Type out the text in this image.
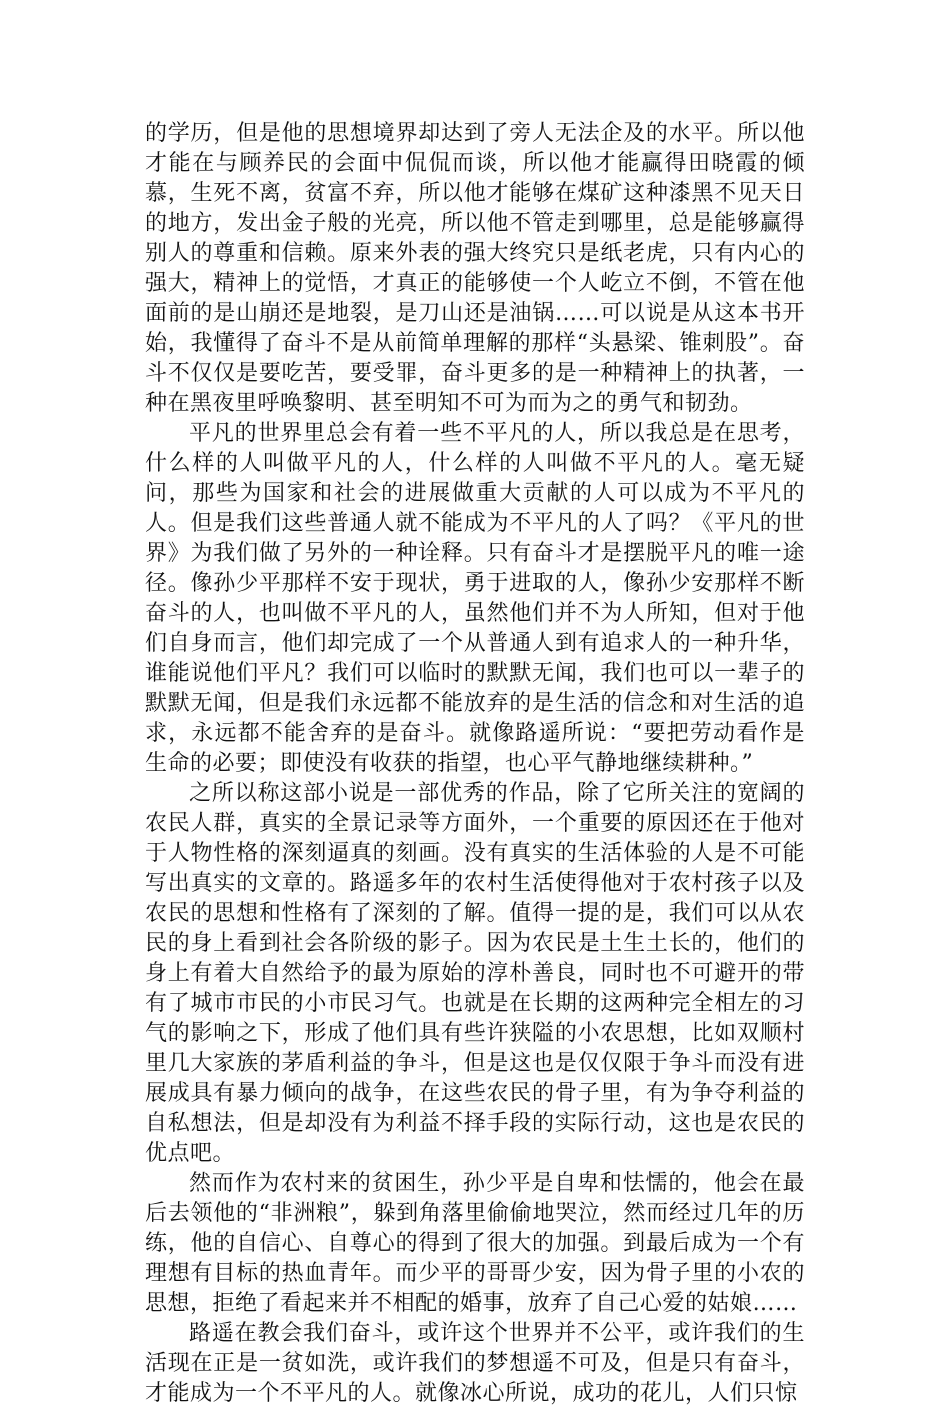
的学历，但是他的思想境界却达到了旁人无法企及的水平。所以他才能在与顾养民的会面中侃侃而谈，所以他才能赢得田晓霞的倾慕，生死不离，贫富不弃，所以他才能够在煤矿这种漆黑不见天日的地方，发出金子般的光亮，所以他不管走到哪里，总是能够赢得别人的尊重和信赖。原来外表的强大终究只是纸老虎，只有内心的强大，精神上的觉悟，才真正的能够使一个人屹立不倒，不管在他面前的是山崩还是地裂，是刀山还是油锅……可以说是从这本书开始，我懂得了奋斗不是从前简单理解的那样“头悬梁、锥刺股”。奋斗不仅仅是要吃苦，要受罪，奋斗更多的是一种精神上的执著，一种在黑夜里呼唤黎明、甚至明知不可为而为之的勇气和韧劲。

平凡的世界里总会有着一些不平凡的人，所以我总是在思考，什么样的人叫做平凡的人，什么样的人叫做不平凡的人。毫无疑问，那些为国家和社会的进展做重大贡献的人可以成为不平凡的人。但是我们这些普通人就不能成为不平凡的人了吗？《平凡的世界》为我们做了另外的一种诠释。只有奋斗才是摆脱平凡的唯一途径。像孙少平那样不安于现状，勇于进取的人，像孙少安那样不断奋斗的人，也叫做不平凡的人，虽然他们并不为人所知，但对于他们自身而言，他们却完成了一个从普通人到有追求人的一种升华，谁能说他们平凡？我们可以临时的默默无闻，我们也可以一辈子的默默无闻，但是我们永远都不能放弃的是生活的信念和对生活的追求，永远都不能舍弃的是奋斗。就像路遥所说：“要把劳动看作是生命的必要；即使没有收获的指望，也心平气静地继续耕种。”

之所以称这部小说是一部优秀的作品，除了它所关注的宽阔的农民人群，真实的全景记录等方面外，一个重要的原因还在于他对于人物性格的深刻逼真的刻画。没有真实的生活体验的人是不可能写出真实的文章的。路遥多年的农村生活使得他对于农村孩子以及农民的思想和性格有了深刻的了解。值得一提的是，我们可以从农民的身上看到社会各阶级的影子。因为农民是土生土长的，他们的身上有着大自然给予的最为原始的淳朴善良，同时也不可避开的带有了城市市民的小市民习气。也就是在长期的这两种完全相左的习气的影响之下，形成了他们具有些许狭隘的小农思想，比如双顺村里几大家族的茅盾利益的争斗，但是这也是仅仅限于争斗而没有进展成具有暴力倾向的战争，在这些农民的骨子里，有为争夺利益的自私想法，但是却没有为利益不择手段的实际行动，这也是农民的优点吧。

然而作为农村来的贫困生，孙少平是自卑和怯懦的，他会在最后去领他的“非洲粮”，躲到角落里偷偷地哭泣，然而经过几年的历练，他的自信心、自尊心的得到了很大的加强。到最后成为一个有理想有目标的热血青年。而少平的哥哥少安，因为骨子里的小农的思想，拒绝了看起来并不相配的婚事，放弃了自己心爱的姑娘……

路遥在教会我们奋斗，或许这个世界并不公平，或许我们的生活现在正是一贫如洗，或许我们的梦想遥不可及，但是只有奋斗，才能成为一个不平凡的人。就像冰心所说，成功的花儿，人们只惊
